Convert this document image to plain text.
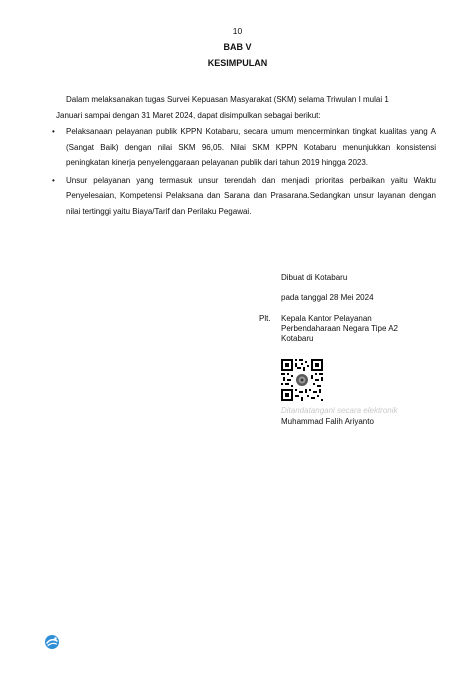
10
BAB V
KESIMPULAN

Dalam melaksanakan tugas Survei Kepuasan Masyarakat (SKM) selama Triwulan I mulai 1
Januari sampai dengan 31 Maret 2024, dapat disimpulkan sebagai berikut:

• Pelaksanaan pelayanan publik KPPN Kotabaru, secara umum mencerminkan tingkat kualitas yang A (Sangat Baik) dengan nilai SKM 96,05. Nilai SKM KPPN Kotabaru menunjukkan konsistensi peningkatan kinerja penyelenggaraan pelayanan publik dari tahun 2019 hingga 2023.
• Unsur pelayanan yang termasuk unsur terendah dan menjadi prioritas perbaikan yaitu Waktu Penyelesaian, Kompetensi Pelaksana dan Sarana dan Prasarana.Sedangkan unsur layanan dengan nilai tertinggi yaitu Biaya/Tarif dan Perilaku Pegawai.
Dibuat di Kotabaru
pada tanggal 28 Mei 2024
Plt. Kepala Kantor Pelayanan
Perbendaharaan Negara Tipe A2
Kotabaru
Ditandatangani secara elektronik
Muhammad Falih Ariyanto
